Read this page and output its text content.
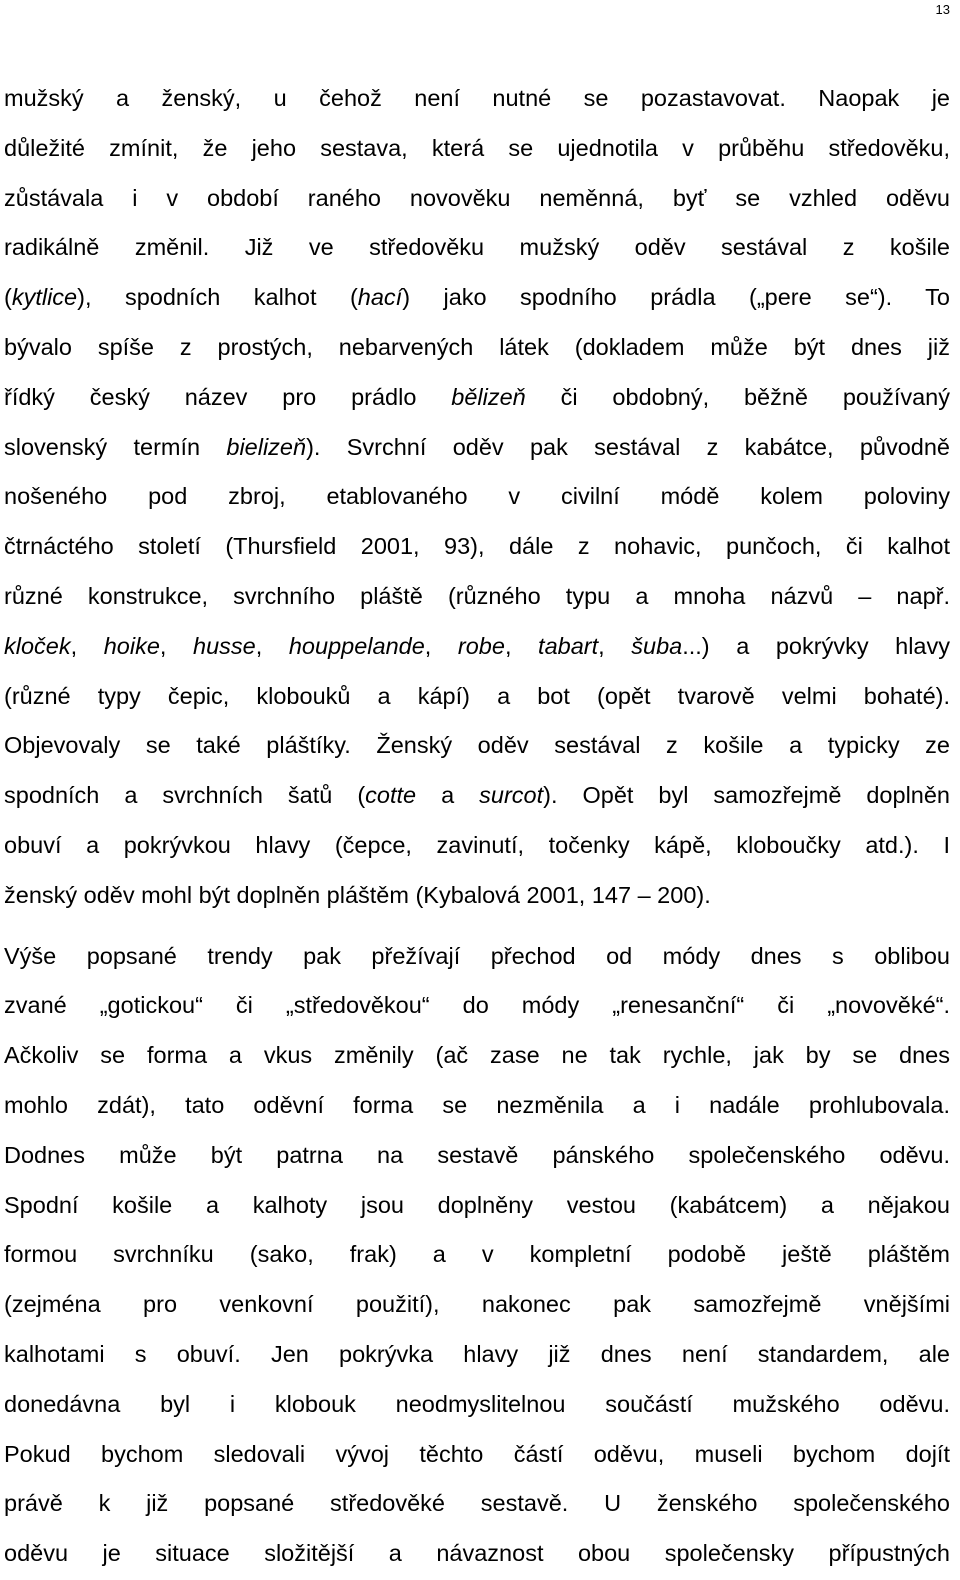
13
mužský a ženský, u čehož není nutné se pozastavovat. Naopak je
důležité zmínit, že jeho sestava, která se ujednotila v průběhu středověku,
zůstávala i v období raného novověku neměnná, byť se vzhled oděvu
radikálně změnil. Již ve středověku mužský oděv sestával z košile
(kytlice), spodních kalhot (hací) jako spodního prádla („pere se“). To
bývalo spíše z prostých, nebarvených látek (dokladem může být dnes již
řídký český název pro prádlo bělizeň či obdobný, běžně používaný
slovenský termín bielizeň). Svrchní oděv pak sestával z kabátce, původně
nošeného pod zbroj, etablovaného v civilní módě kolem poloviny
čtrnáctého století (Thursfield 2001, 93), dále z nohavic, punčoch, či kalhot
různé konstrukce, svrchního pláště (různého typu a mnoha názvů – např.
kloček, hoike, husse, houppelande, robe, tabart, šuba...) a pokrývky hlavy
(různé typy čepic, klobouků a kápí) a bot (opět tvarově velmi bohaté).
Objevovaly se také pláštíky. Ženský oděv sestával z košile a typicky ze
spodních a svrchních šatů (cotte a surcot). Opět byl samozřejmě doplněn
obuví a pokrývkou hlavy (čepce, zavinutí, točenky kápě, kloboučky atd.). I
ženský oděv mohl být doplněn pláštěm (Kybalová 2001, 147 – 200).
Výše popsané trendy pak přežívají přechod od módy dnes s oblibou
zvané „gotickou“ či „středověkou“ do módy „renesanční“ či „novověké“.
Ačkoliv se forma a vkus změnily (ač zase ne tak rychle, jak by se dnes
mohlo zdát), tato oděvní forma se nezměnila a i nadále prohlubovala.
Dodnes může být patrna na sestavě pánského společenského oděvu.
Spodní košile a kalhoty jsou doplněny vestou (kabátcem) a nějakou
formou svrchníku (sako, frak) a v kompletní podobě ještě pláštěm
(zejména pro venkovní použití), nakonec pak samozřejmě vnějšími
kalhotami s obuví. Jen pokrývka hlavy již dnes není standardem, ale
donedávna byl i klobouk neodmyslitelnou součástí mužského oděvu.
Pokud bychom sledovali vývoj těchto částí oděvu, museli bychom dojít
právě k již popsané středověké sestavě. U ženského společenského
oděvu je situace složitější a návaznost obou společensky přípustných
